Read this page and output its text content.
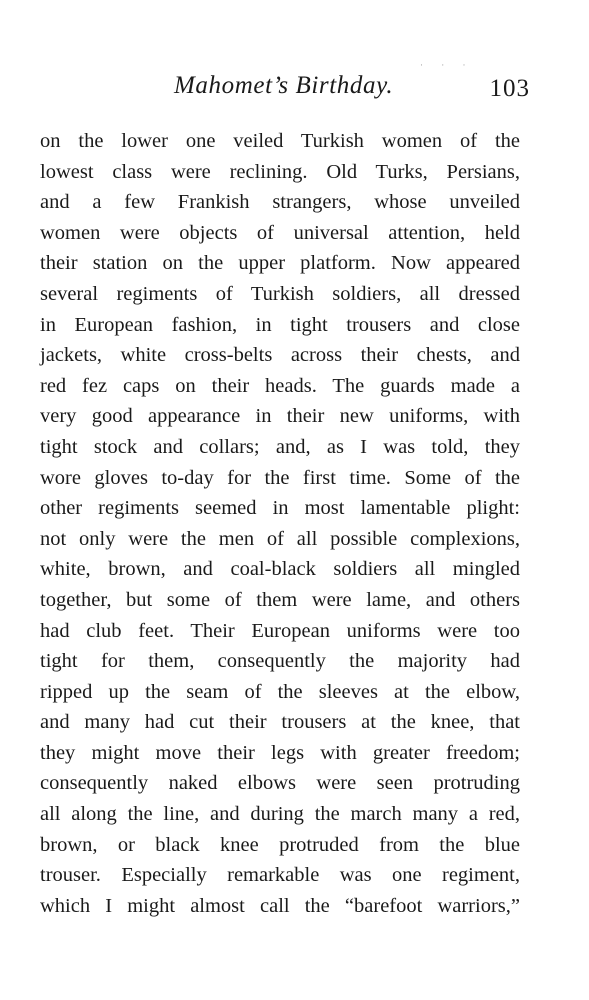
· · ·
Mahomet’s Birthday.	103
on the lower one veiled Turkish women of the
lowest class were reclining. Old Turks, Persians,
and a few Frankish strangers, whose unveiled
women were objects of universal attention, held
their station on the upper platform. Now appeared
several regiments of Turkish soldiers, all dressed
in European fashion, in tight trousers and close
jackets, white cross-belts across their chests, and
red fez caps on their heads. The guards made a
very good appearance in their new uniforms, with
tight stock and collars; and, as I was told, they
wore gloves to-day for the first time. Some of the
other regiments seemed in most lamentable plight:
not only were the men of all possible complexions,
white, brown, and coal-black soldiers all mingled
together, but some of them were lame, and others
had club feet. Their European uniforms were too
tight for them, consequently the majority had
ripped up the seam of the sleeves at the elbow,
and many had cut their trousers at the knee, that
they might move their legs with greater freedom;
consequently naked elbows were seen protruding
all along the line, and during the march many a red,
brown, or black knee protruded from the blue
trouser. Especially remarkable was one regiment,
which I might almost call the “barefoot warriors,”
